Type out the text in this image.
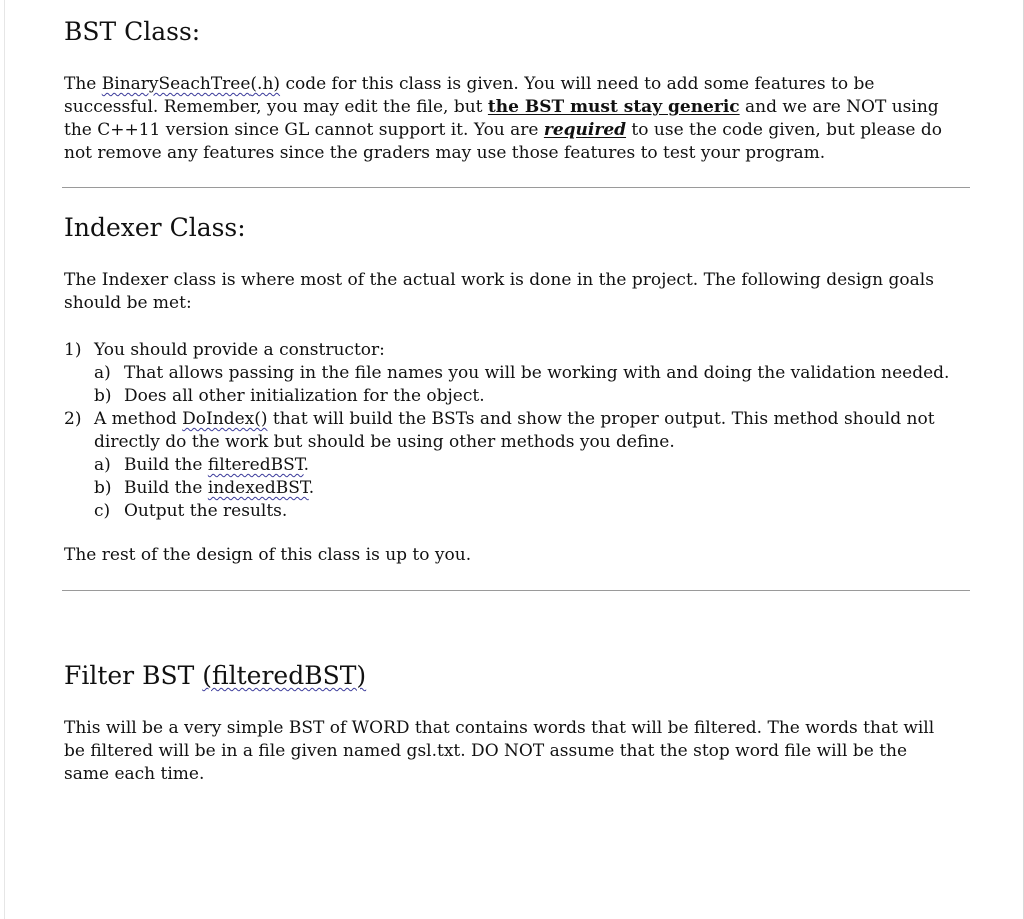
BST Class:
The BinarySeachTree(.h) code for this class is given. You will need to add some features to be
successful. Remember, you may edit the file, but the BST must stay generic and we are NOT using
the C++11 version since GL cannot support it. You are required to use the code given, but please do
not remove any features since the graders may use those features to test your program.
Indexer Class:
The Indexer class is where most of the actual work is done in the project. The following design goals
should be met:
1) You should provide a constructor:
a) That allows passing in the file names you will be working with and doing the validation needed.
b) Does all other initialization for the object.
2) A method DoIndex() that will build the BSTs and show the proper output. This method should not
directly do the work but should be using other methods you define.
a) Build the filteredBST.
b) Build the indexedBST.
c) Output the results.
The rest of the design of this class is up to you.
Filter BST (filteredBST)
This will be a very simple BST of WORD that contains words that will be filtered. The words that will
be filtered will be in a file given named gsl.txt. DO NOT assume that the stop word file will be the
same each time.
